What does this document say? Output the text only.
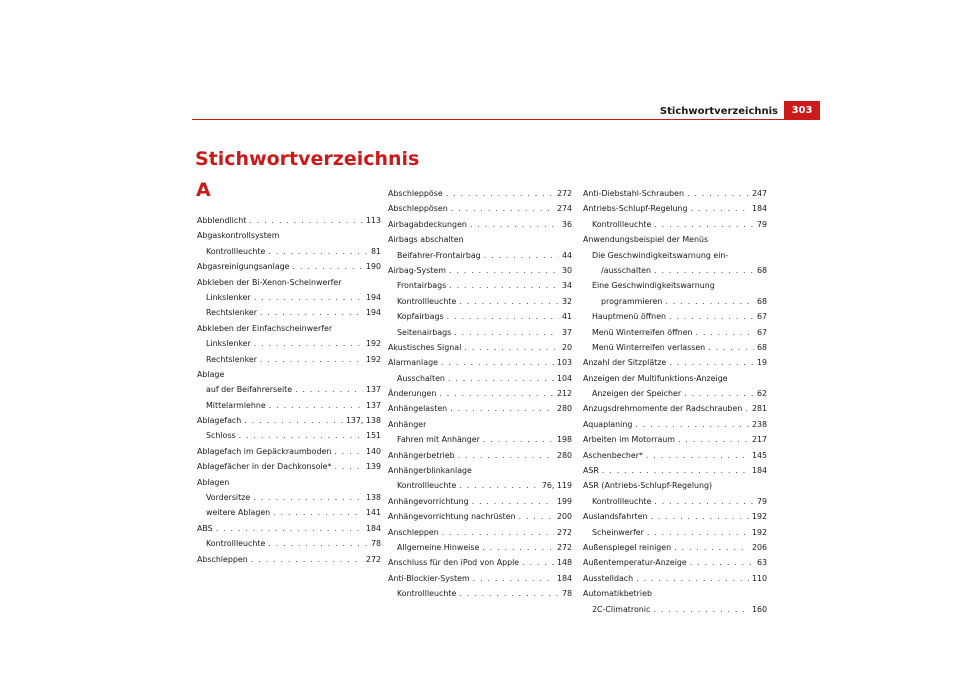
Stichwortverzeichnis	303
Stichwortverzeichnis
A
Abblendlicht . . .	113
Abgaskontrollsystem
Kontrollleuchte . . .	81
Abgasreinigungsanlage . . .	190
Abkleben der Bi-Xenon-Scheinwerfer
Linkslenker . . .	194
Rechtslenker . . .	194
Abkleben der Einfachscheinwerfer
Linkslenker . . .	192
Rechtslenker . . .	192
Ablage
auf der Beifahrerseite . . .	137
Mittelarmlehne . . .	137
Ablagefach . . .	137, 138
Schloss . . .	151
Ablagefach im Gepäckraumboden . . .	140
Ablagefächer in der Dachkonsole* . . .	139
Ablagen
Vordersitze . . .	138
weitere Ablagen . . .	141
ABS . . .	184
Kontrollleuchte . . .	78
Abschleppen . . .	272
Abschleppöse . . .	272
Abschleppösen . . .	274
Airbagabdeckungen . . .	36
Airbags abschalten
Beifahrer-Frontairbag . . .	44
Airbag-System . . .	30
Frontairbags . . .	34
Kontrollleuchte . . .	32
Kopfairbags . . .	41
Seitenairbags . . .	37
Akustisches Signal . . .	20
Alarmanlage . . .	103
Ausschalten . . .	104
Änderungen . . .	212
Anhängelasten . . .	280
Anhänger
Fahren mit Anhänger . . .	198
Anhängerbetrieb . . .	280
Anhängerblinkanlage
Kontrollleuchte . . .	76, 119
Anhängevorrichtung . . .	199
Anhängevorrichtung nachrüsten . . .	200
Anschleppen . . .	272
Allgemeine Hinweise . . .	272
Anschluss für den iPod von Apple . . .	148
Anti-Blockier-System . . .	184
Kontrollleuchte . . .	78
Anti-Diebstahl-Schrauben . . .	247
Antriebs-Schlupf-Regelung . . .	184
Kontrollleuchte . . .	79
Anwendungsbeispiel der Menüs
Die Geschwindigkeitswarnung ein-
/ausschalten . . .	68
Eine Geschwindigkeitswarnung
programmieren . . .	68
Hauptmenü öffnen . . .	67
Menü Winterreifen öffnen . . .	67
Menü Winterreifen verlassen . . .	68
Anzahl der Sitzplätze . . .	19
Anzeigen der Multifunktions-Anzeige
Anzeigen der Speicher . . .	62
Anzugsdrehmomente der Radschrauben . . . 281
Aquaplaning . . .	238
Arbeiten im Motorraum . . .	217
Aschenbecher* . . .	145
ASR . . .	184
ASR (Antriebs-Schlupf-Regelung)
Kontrollleuchte . . .	79
Auslandsfahrten . . .	192
Scheinwerfer . . .	192
Außenspiegel reinigen . . .	206
Außentemperatur-Anzeige . . .	63
Ausstelldach . . .	110
Automatikbetrieb
2C-Climatronic . . .	160
